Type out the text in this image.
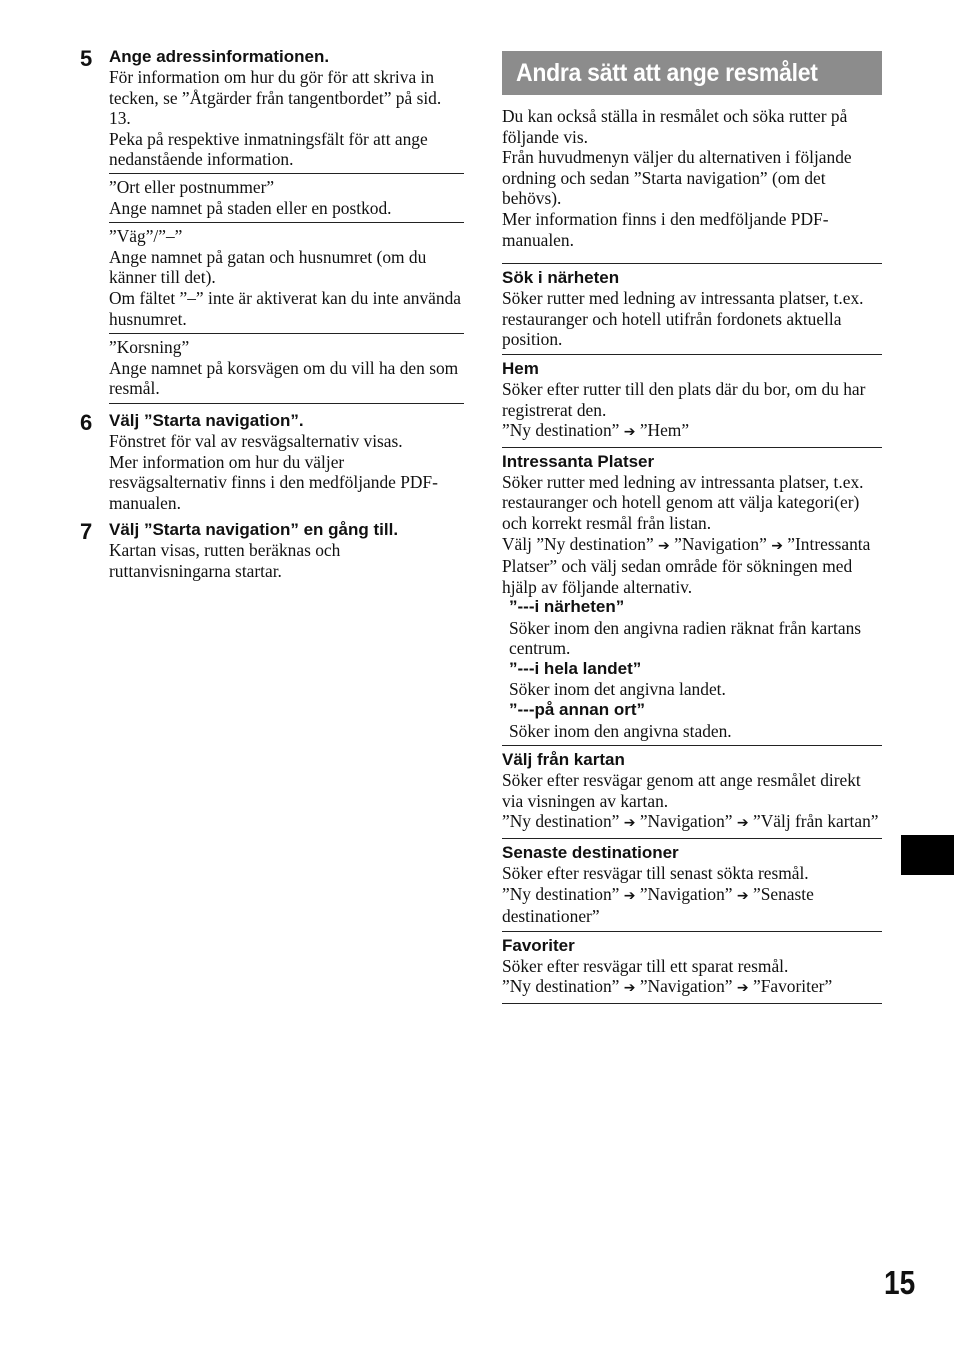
5 Ange adressinformationen.

För information om hur du gör för att skriva in tecken, se ”Åtgärder från tangentbordet” på sid. 13.

Peka på respektive inmatningsfält för att ange nedanstående information.

”Ort eller postnummer”

Ange namnet på staden eller en postkod.

”Väg”/”–”

Ange namnet på gatan och husnumret (om du känner till det).

Om fältet ”–” inte är aktiverat kan du inte använda husnumret.

”Korsning”

Ange namnet på korsvägen om du vill ha den som resmål.

6 Välj ”Starta navigation”.

Fönstret för val av resvägsalternativ visas.

Mer information om hur du väljer resvägsalternativ finns i den medföljande PDF-manualen.

7 Välj ”Starta navigation” en gång till.

Kartan visas, rutten beräknas och ruttanvisningarna startar.

Andra sätt att ange resmålet

Du kan också ställa in resmålet och söka rutter på följande vis.

Från huvudmenyn väljer du alternativen i följande ordning och sedan ”Starta navigation” (om det behövs).

Mer information finns i den medföljande PDF-manualen.

Sök i närheten

Söker rutter med ledning av intressanta platser, t.ex. restauranger och hotell utifrån fordonets aktuella position.

Hem

Söker efter rutter till den plats där du bor, om du har registrerat den.

”Ny destination” ➔ ”Hem”

Intressanta Platser

Söker rutter med ledning av intressanta platser, t.ex. restauranger och hotell genom att välja kategori(er) och korrekt resmål från listan.

Välj ”Ny destination” ➔ ”Navigation” ➔ ”Intressanta Platser” och välj sedan område för sökningen med hjälp av följande alternativ.

”---i närheten”

Söker inom den angivna radien räknat från kartans centrum.

”---i hela landet”

Söker inom det angivna landet.

”---på annan ort”

Söker inom den angivna staden.

Välj från kartan

Söker efter resvägar genom att ange resmålet direkt via visningen av kartan.

”Ny destination” ➔ ”Navigation” ➔ ”Välj från kartan”

Senaste destinationer

Söker efter resvägar till senast sökta resmål.

”Ny destination” ➔ ”Navigation” ➔ ”Senaste destinationer”

Favoriter

Söker efter resvägar till ett sparat resmål.

”Ny destination” ➔ ”Navigation” ➔ ”Favoriter”

15
